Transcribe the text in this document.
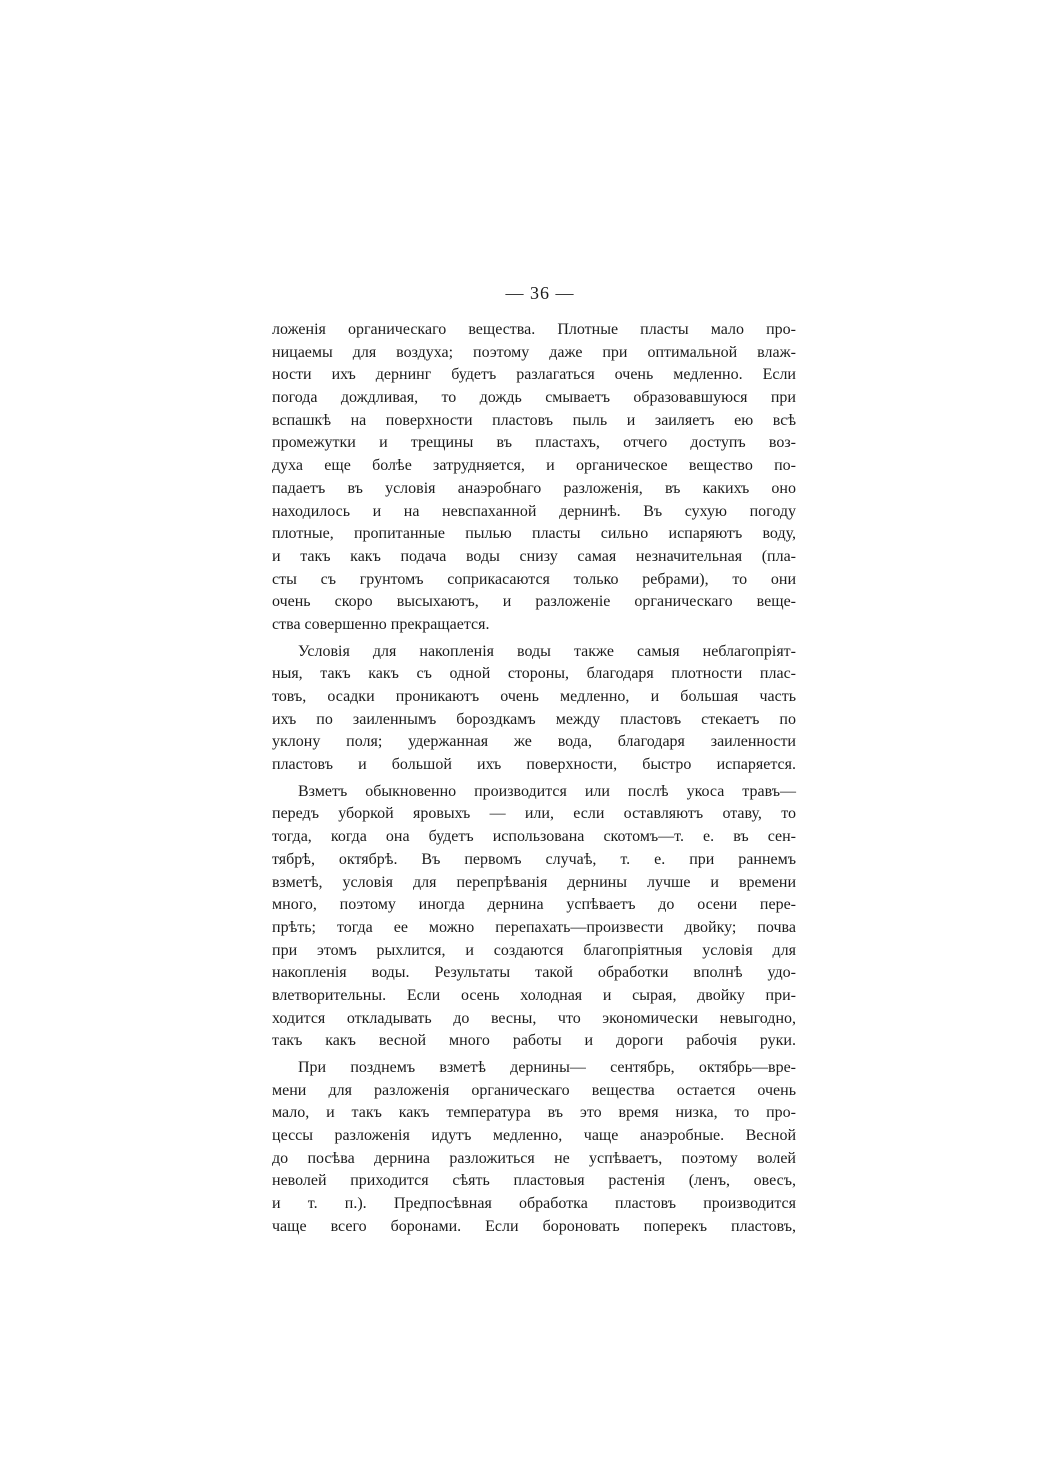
— 36 —
ложенія органическаго вещества. Плотные пласты мало про-
ницаемы для воздуха; поэтому даже при оптимальной влаж-
ности ихъ дернинг будетъ разлагаться очень медленно. Если
погода дождливая, то дождь смываетъ образовавшуюся при
вспашкѣ на поверхности пластовъ пыль и заиляетъ ею всѣ
промежутки и трещины въ пластахъ, отчего доступъ воз-
духа еще болѣе затрудняется, и органическое вещество по-
падаетъ въ условія анаэробнаго разложенія, въ какихъ оно
находилось и на невспаханной дернинѣ. Въ сухую погоду
плотные, пропитанные пылью пласты сильно испаряютъ воду,
и такъ какъ подача воды снизу самая незначительная (пла-
сты съ грунтомъ соприкасаются только ребрами), то они
очень скоро высыхаютъ, и разложеніе органическаго веще-
ства совершенно прекращается.
Условія для накопленія воды также самыя неблагопріят-
ныя, такъ какъ съ одной стороны, благодаря плотности плас-
товъ, осадки проникаютъ очень медленно, и большая часть
ихъ по заиленнымъ бороздкамъ между пластовъ стекаетъ по
уклону поля; удержанная же вода, благодаря заиленности
пластовъ и большой ихъ поверхности, быстро испаряется.
Взметъ обыкновенно производится или послѣ укоса травъ—
передъ уборкой яровыхъ — или, если оставляютъ отаву, то
тогда, когда она будетъ использована скотомъ—т. е. въ сен-
тябрѣ, октябрѣ. Въ первомъ случаѣ, т. е. при раннемъ
взметѣ, условія для перепрѣванія дернины лучше и времени
много, поэтому иногда дернина успѣваетъ до осени пере-
прѣть; тогда ее можно перепахать—произвести двойку; почва
при этомъ рыхлится, и создаются благопріятныя условія для
накопленія воды. Результаты такой обработки вполнѣ удо-
влетворительны. Если осень холодная и сырая, двойку при-
ходится откладывать до весны, что экономически невыгодно,
такъ какъ весной много работы и дороги рабочія руки.
При позднемъ взметѣ дернины— сентябрь, октябрь—вре-
мени для разложенія органическаго вещества остается очень
мало, и такъ какъ температура въ это время низка, то про-
цессы разложенія идутъ медленно, чаще анаэробные. Весной
до посѣва дернина разложиться не успѣваетъ, поэтому волей
неволей приходится сѣять пластовыя растенія (ленъ, овесъ,
и т. п.). Предпосѣвная обработка пластовъ производится
чаще всего боронами. Если бороновать поперекъ пластовъ,
